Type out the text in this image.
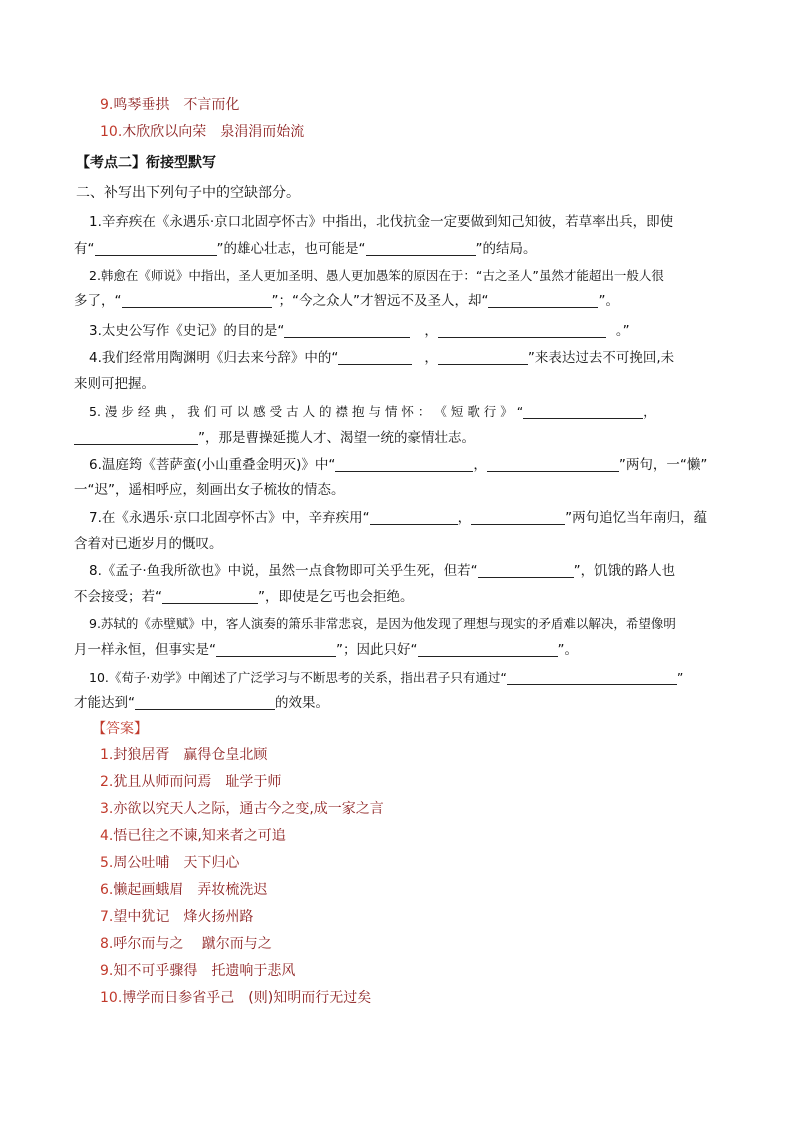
9.鸣琴垂拱 不言而化
10.木欣欣以向荣 泉涓涓而始流
【考点二】衔接型默写
二、补写出下列句子中的空缺部分。
1.辛弃疾在《永遇乐·京口北固亭怀古》中指出，北伐抗金一定要做到知己知彼，若草率出兵，即使
有“	”的雄心壮志，也可能是“	”的结局。
2.韩愈在《师说》中指出，圣人更加圣明、愚人更加愚笨的原因在于：“古之圣人”虽然才能超出一般人很
多了，“	”；“今之众人”才智远不及圣人，却“	”。
3.太史公写作《史记》的目的是“	，	。”
4.我们经常用陶渊明《归去来兮辞》中的“	，	”来表达过去不可挽回,未
来则可把握。
5. 漫 步 经 典 ， 我 们 可 以 感 受 古 人 的 襟 抱 与 情 怀 ： 《 短 歌 行 》 “	，
”，那是曹操延揽人才、渴望一统的豪情壮志。
6.温庭筠《菩萨蛮(小山重叠金明灭)》中“	，	”两句，一“懒”
一“迟”，遥相呼应，刻画出女子梳妆的情态。
7.在《永遇乐·京口北固亭怀古》中，辛弃疾用“	，	”两句追忆当年南归，蕴
含着对已逝岁月的慨叹。
8.《孟子·鱼我所欲也》中说，虽然一点食物即可关乎生死，但若“	”，饥饿的路人也
不会接受；若“	”，即使是乞丐也会拒绝。
9.苏轼的《赤壁赋》中，客人演奏的箫乐非常悲哀，是因为他发现了理想与现实的矛盾难以解决，希望像明
月一样永恒，但事实是“	”；因此只好“	”。
10.《荀子·劝学》中阐述了广泛学习与不断思考的关系，指出君子只有通过“	”
才能达到“	的效果。
【答案】
1.封狼居胥　赢得仓皇北顾
2.犹且从师而问焉　耻学于师
3.亦欲以究天人之际，通古今之变,成一家之言
4.悟已往之不谏,知来者之可追
5.周公吐哺　天下归心
6.懒起画蛾眉　弄妆梳洗迟
7.望中犹记　烽火扬州路
8.呼尔而与之　 蹴尔而与之
9.知不可乎骤得　托遗响于悲风
10.博学而日参省乎己　(则)知明而行无过矣
